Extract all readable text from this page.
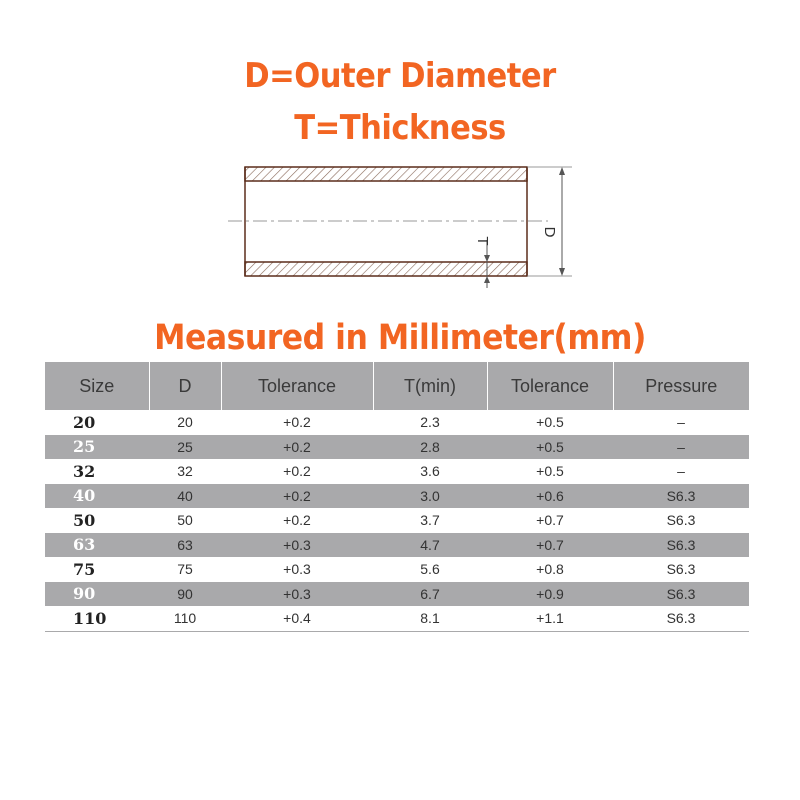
D=Outer Diameter
T=Thickness
T
D
Measured in Millimeter(mm)
Size	D	Tolerance	T(min)	Tolerance	Pressure
20	20	+0.2	2.3	+0.5	–
25	25	+0.2	2.8	+0.5	–
32	32	+0.2	3.6	+0.5	–
40	40	+0.2	3.0	+0.6	S6.3
50	50	+0.2	3.7	+0.7	S6.3
63	63	+0.3	4.7	+0.7	S6.3
75	75	+0.3	5.6	+0.8	S6.3
90	90	+0.3	6.7	+0.9	S6.3
110	110	+0.4	8.1	+1.1	S6.3
